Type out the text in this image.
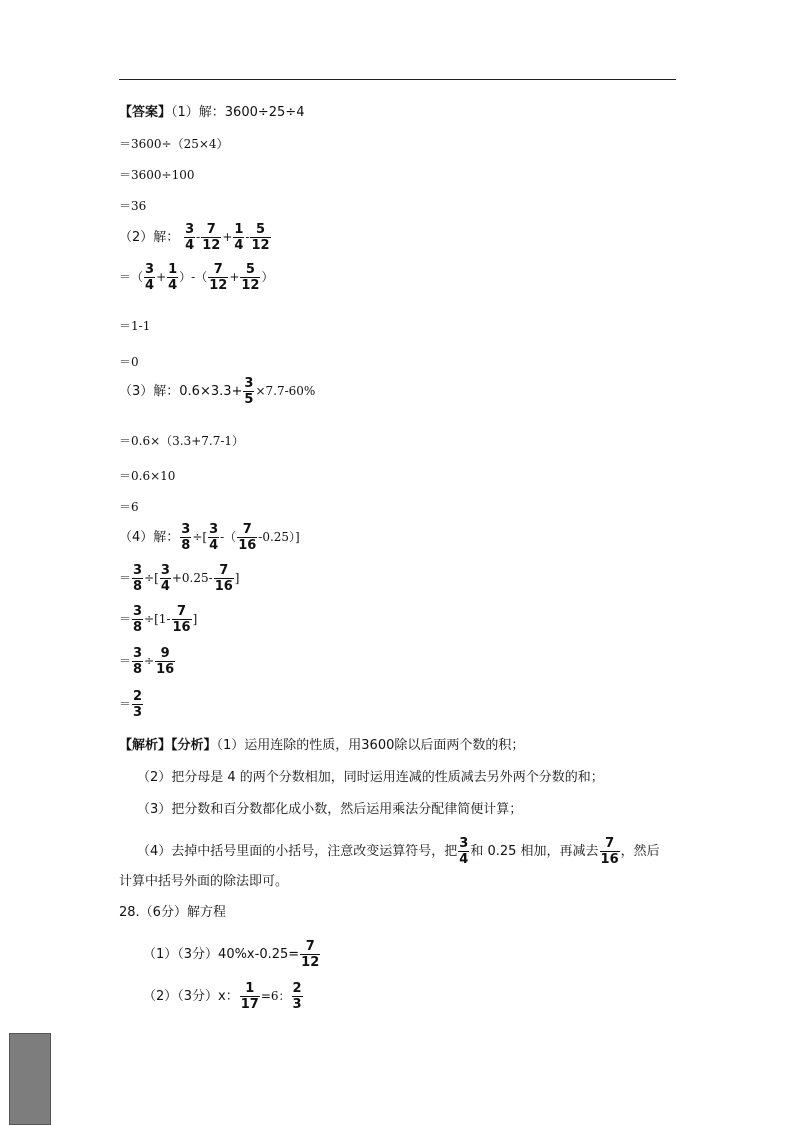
【答案】（1）解：3600÷25÷4
＝3600÷（25×4）
＝3600÷100
＝36
（2）解： $\frac{3}{4} - \frac{7}{12} + \frac{1}{4} - \frac{5}{12}$
＝（ $\frac{3}{4} + \frac{1}{4}$ ）-（ $\frac{7}{12} + \frac{5}{12}$ ）
＝1-1
＝0
（3）解：$0.6\times 3.3+ \frac{3}{5} \times 7.7-60\%$
＝0.6×（3.3+7.7-1）
＝0.6×10
＝6
（4）解： $\frac{3}{8}$ ÷[ $\frac{3}{4}$ -（ $\frac{7}{16} -0.25$）]
＝ $\frac{3}{8}$ ÷[ $\frac{3}{4} +0.25- \frac{7}{16}$ ]
＝ $\frac{3}{8} \div[1- \frac{7}{16}$ ]
＝ $\frac{3}{8} \div \frac{9}{16}$
＝ $\frac{2}{3}$
【解析】【分析】（1）运用连除的性质，用3600除以后面两个数的积；
（2）把分母是 4 的两个分数相加，同时运用连减的性质减去另外两个分数的和；
（3）把分数和百分数都化成小数，然后运用乘法分配律简便计算；
（4）去掉中括号里面的小括号，注意改变运算符号，把 $\frac{3}{4}$ 和 0.25 相加，再减去 $\frac{7}{16}$ ，然后
计算中括号外面的除法即可。
28.（6分）解方程
（1）（3分）$40\%x-0.25= \frac{7}{12}$
（2）（3分）x： $\frac{1}{17} =6$： $\frac{2}{3}$
